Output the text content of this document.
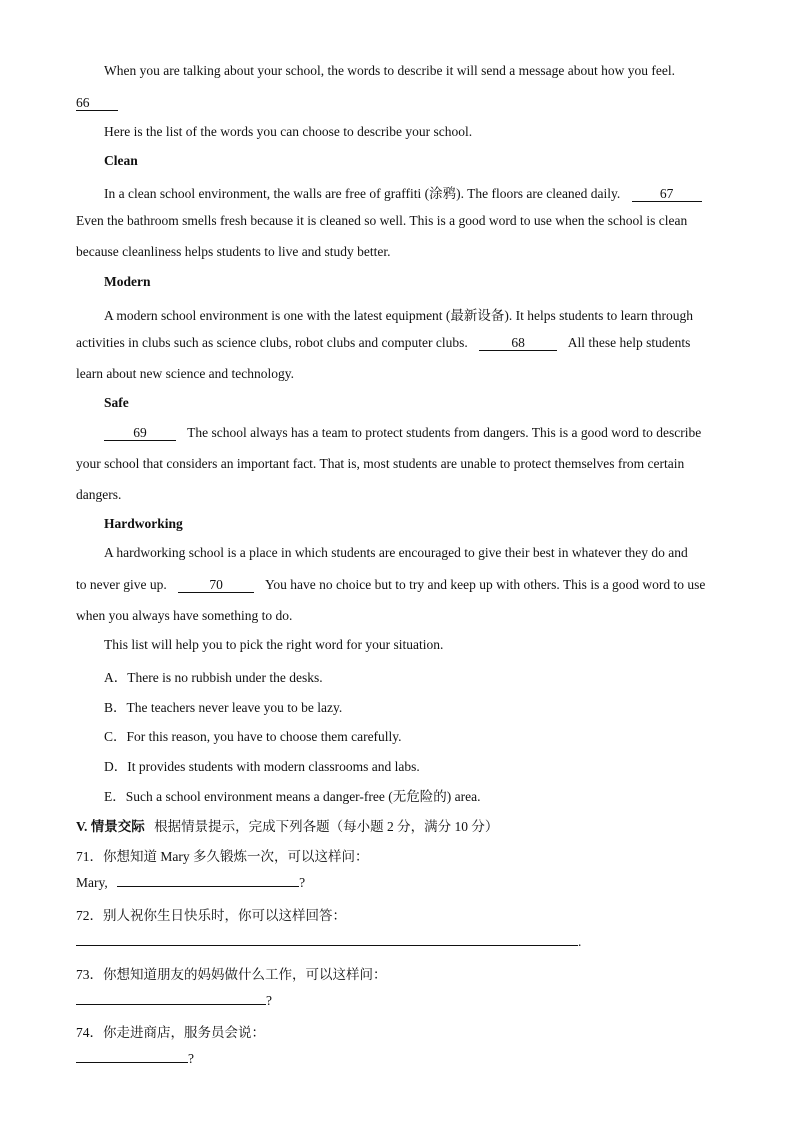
When you are talking about your school, the words to describe it will send a message about how you feel.
66
Here is the list of the words you can choose to describe your school.
Clean
In a clean school environment, the walls are free of graffiti (涂鸦). The floors are cleaned daily.	67
Even the bathroom smells fresh because it is cleaned so well. This is a good word to use when the school is clean
because cleanliness helps students to live and study better.
Modern
A modern school environment is one with the latest equipment (最新设备). It helps students to learn through
activities in clubs such as science clubs, robot clubs and computer clubs.	68	All these help students
learn about new science and technology.
Safe
69	The school always has a team to protect students from dangers. This is a good word to describe
your school that considers an important fact. That is, most students are unable to protect themselves from certain
dangers.
Hardworking
A hardworking school is a place in which students are encouraged to give their best in whatever they do and
to never give up.	70	You have no choice but to try and keep up with others. This is a good word to use
when you always have something to do.
This list will help you to pick the right word for your situation.
A．There is no rubbish under the desks.
B．The teachers never leave you to be lazy.
C．For this reason, you have to choose them carefully.
D．It provides students with modern classrooms and labs.
E．Such a school environment means a danger-free (无危险的) area.
V. 情景交际 根据情景提示，完成下列各题（每小题 2 分，满分 10 分）
71．你想知道 Mary 多久锻炼一次，可以这样问：
Mary,	?
72．别人祝你生日快乐时，你可以这样回答：
.
73．你想知道朋友的妈妈做什么工作，可以这样问：
?
74．你走进商店，服务员会说：
?
